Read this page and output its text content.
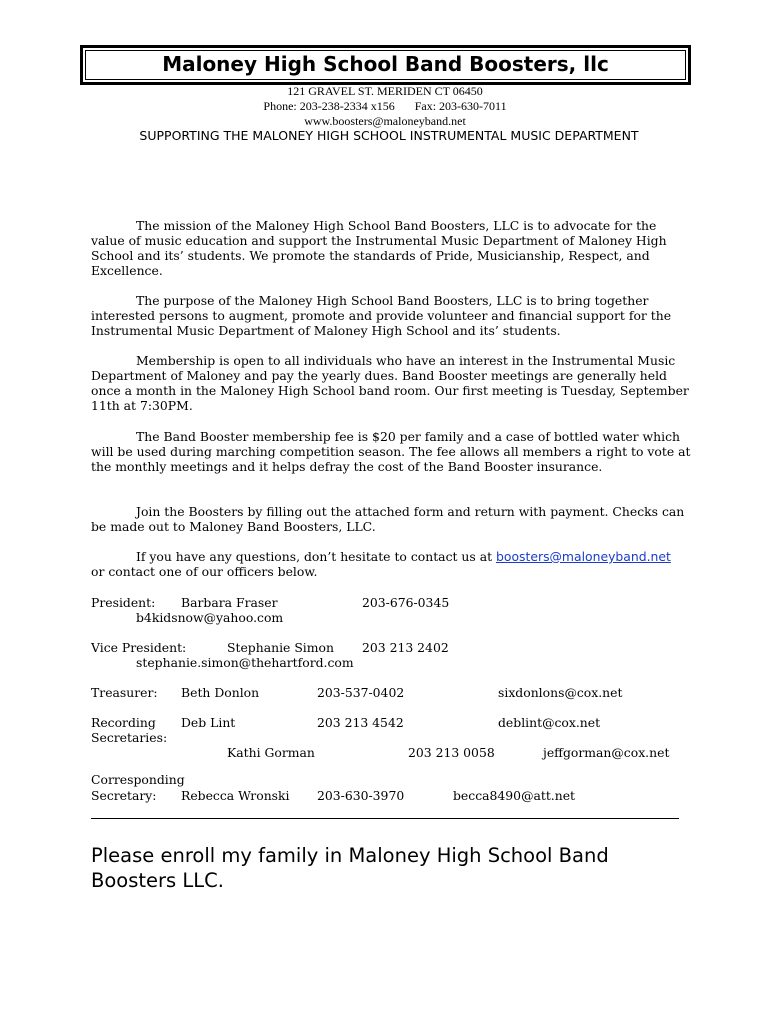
Maloney High School Band Boosters, llc
121 GRAVEL ST. MERIDEN CT 06450
Phone: 203-238-2334 x156 Fax: 203-630-7011
www.boosters@maloneyband.net
SUPPORTING THE MALONEY HIGH SCHOOL INSTRUMENTAL MUSIC DEPARTMENT
The mission of the Maloney High School Band Boosters, LLC is to advocate for the value of music education and support the Instrumental Music Department of Maloney High School and its’ students. We promote the standards of Pride, Musicianship, Respect, and Excellence.
The purpose of the Maloney High School Band Boosters, LLC is to bring together interested persons to augment, promote and provide volunteer and financial support for the Instrumental Music Department of Maloney High School and its’ students.
Membership is open to all individuals who have an interest in the Instrumental Music Department of Maloney and pay the yearly dues. Band Booster meetings are generally held once a month in the Maloney High School band room. Our first meeting is Tuesday, September 11th at 7:30PM.
The Band Booster membership fee is $20 per family and a case of bottled water which will be used during marching competition season. The fee allows all members a right to vote at the monthly meetings and it helps defray the cost of the Band Booster insurance.
Join the Boosters by filling out the attached form and return with payment. Checks can be made out to Maloney Band Boosters, LLC.
If you have any questions, don’t hesitate to contact us at boosters@maloneyband.net
or contact one of our officers below.
President: Barbara Fraser	203-676-0345
b4kidsnow@yahoo.com
Vice President:	Stephanie Simon 203 213 2402
stephanie.simon@thehartford.com
Treasurer: Beth Donlon	203-537-0402	sixdonlons@cox.net
Recording
Secretaries:
Deb Lint	203 213 4542	deblint@cox.net
Kathi Gorman	203 213 0058	jeffgorman@cox.net
Corresponding
Secretary: Rebecca Wronski 203-630-3970	becca8490@att.net
Please enroll my family in Maloney High School Band Boosters LLC.
